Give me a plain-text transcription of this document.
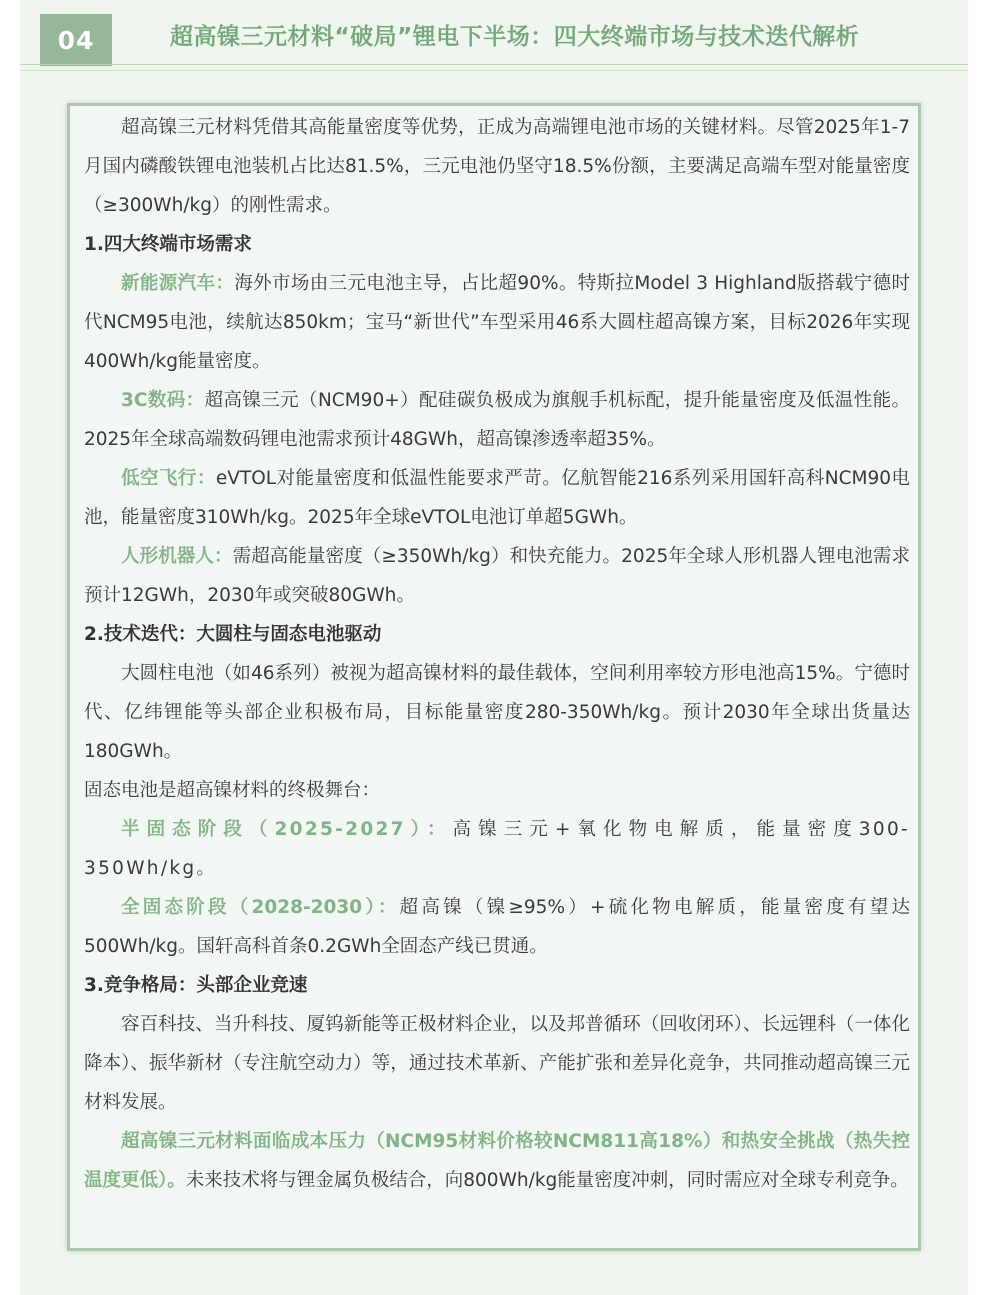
04	超高镍三元材料“破局”锂电下半场：四大终端市场与技术迭代解析

超高镍三元材料凭借其高能量密度等优势，正成为高端锂电池市场的关键材料。尽管2025年1-7月国内磷酸铁锂电池装机占比达81.5%，三元电池仍坚守18.5%份额，主要满足高端车型对能量密度（≥300Wh/kg）的刚性需求。

1.四大终端市场需求

新能源汽车：海外市场由三元电池主导，占比超90%。特斯拉Model 3 Highland版搭载宁德时代NCM95电池，续航达850km；宝马“新世代”车型采用46系大圆柱超高镍方案，目标2026年实现400Wh/kg能量密度。

3C数码：超高镍三元（NCM90+）配硅碳负极成为旗舰手机标配，提升能量密度及低温性能。2025年全球高端数码锂电池需求预计48GWh，超高镍渗透率超35%。

低空飞行：eVTOL对能量密度和低温性能要求严苛。亿航智能216系列采用国轩高科NCM90电池，能量密度310Wh/kg。2025年全球eVTOL电池订单超5GWh。

人形机器人：需超高能量密度（≥350Wh/kg）和快充能力。2025年全球人形机器人锂电池需求预计12GWh，2030年或突破80GWh。

2.技术迭代：大圆柱与固态电池驱动

大圆柱电池（如46系列）被视为超高镍材料的最佳载体，空间利用率较方形电池高15%。宁德时代、亿纬锂能等头部企业积极布局，目标能量密度280-350Wh/kg。预计2030年全球出货量达180GWh。

固态电池是超高镍材料的终极舞台：

半固态阶段（2025-2027）：高镍三元+氧化物电解质，能量密度300-350Wh/kg。

全固态阶段（2028-2030）：超高镍（镍≥95%）+硫化物电解质，能量密度有望达500Wh/kg。国轩高科首条0.2GWh全固态产线已贯通。

3.竞争格局：头部企业竞速

容百科技、当升科技、厦钨新能等正极材料企业，以及邦普循环（回收闭环）、长远锂科（一体化降本）、振华新材（专注航空动力）等，通过技术革新、产能扩张和差异化竞争，共同推动超高镍三元材料发展。

超高镍三元材料面临成本压力（NCM95材料价格较NCM811高18%）和热安全挑战（热失控温度更低）。未来技术将与锂金属负极结合，向800Wh/kg能量密度冲刺，同时需应对全球专利竞争。
